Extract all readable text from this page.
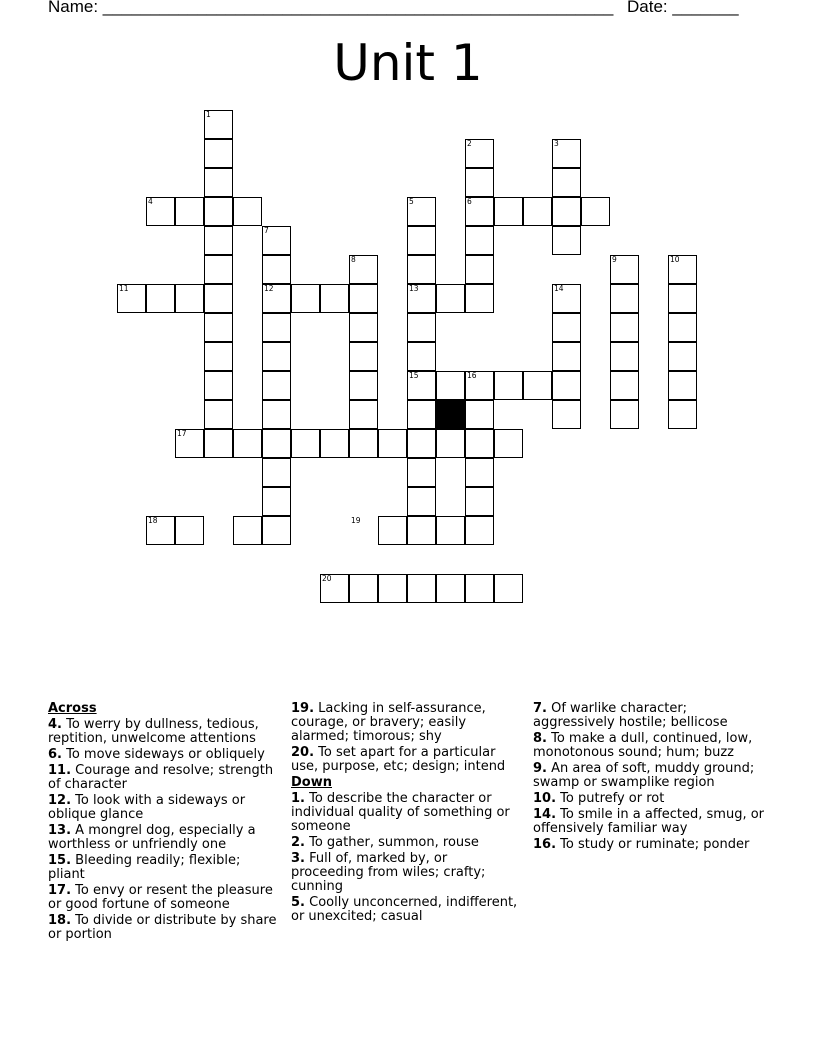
Name: ______________________________________________________ Date: _______
Unit 1
1
2	3
4	5	6
7
8	9	10
11	12	13	14
15	16
17
18	19
20
Across
4. To werry by dullness, tedious, reptition, unwelcome attentions
6. To move sideways or obliquely
11. Courage and resolve; strength of character
12. To look with a sideways or oblique glance
13. A mongrel dog, especially a worthless or unfriendly one
15. Bleeding readily; flexible; pliant
17. To envy or resent the pleasure or good fortune of someone
18. To divide or distribute by share or portion
19. Lacking in self-assurance, courage, or bravery; easily alarmed; timorous; shy
20. To set apart for a particular use, purpose, etc; design; intend
Down
1. To describe the character or individual quality of something or someone
2. To gather, summon, rouse
3. Full of, marked by, or proceeding from wiles; crafty; cunning
5. Coolly unconcerned, indifferent, or unexcited; casual
7. Of warlike character; aggressively hostile; bellicose
8. To make a dull, continued, low, monotonous sound; hum; buzz
9. An area of soft, muddy ground; swamp or swamplike region
10. To putrefy or rot
14. To smile in a affected, smug, or offensively familiar way
16. To study or ruminate; ponder
